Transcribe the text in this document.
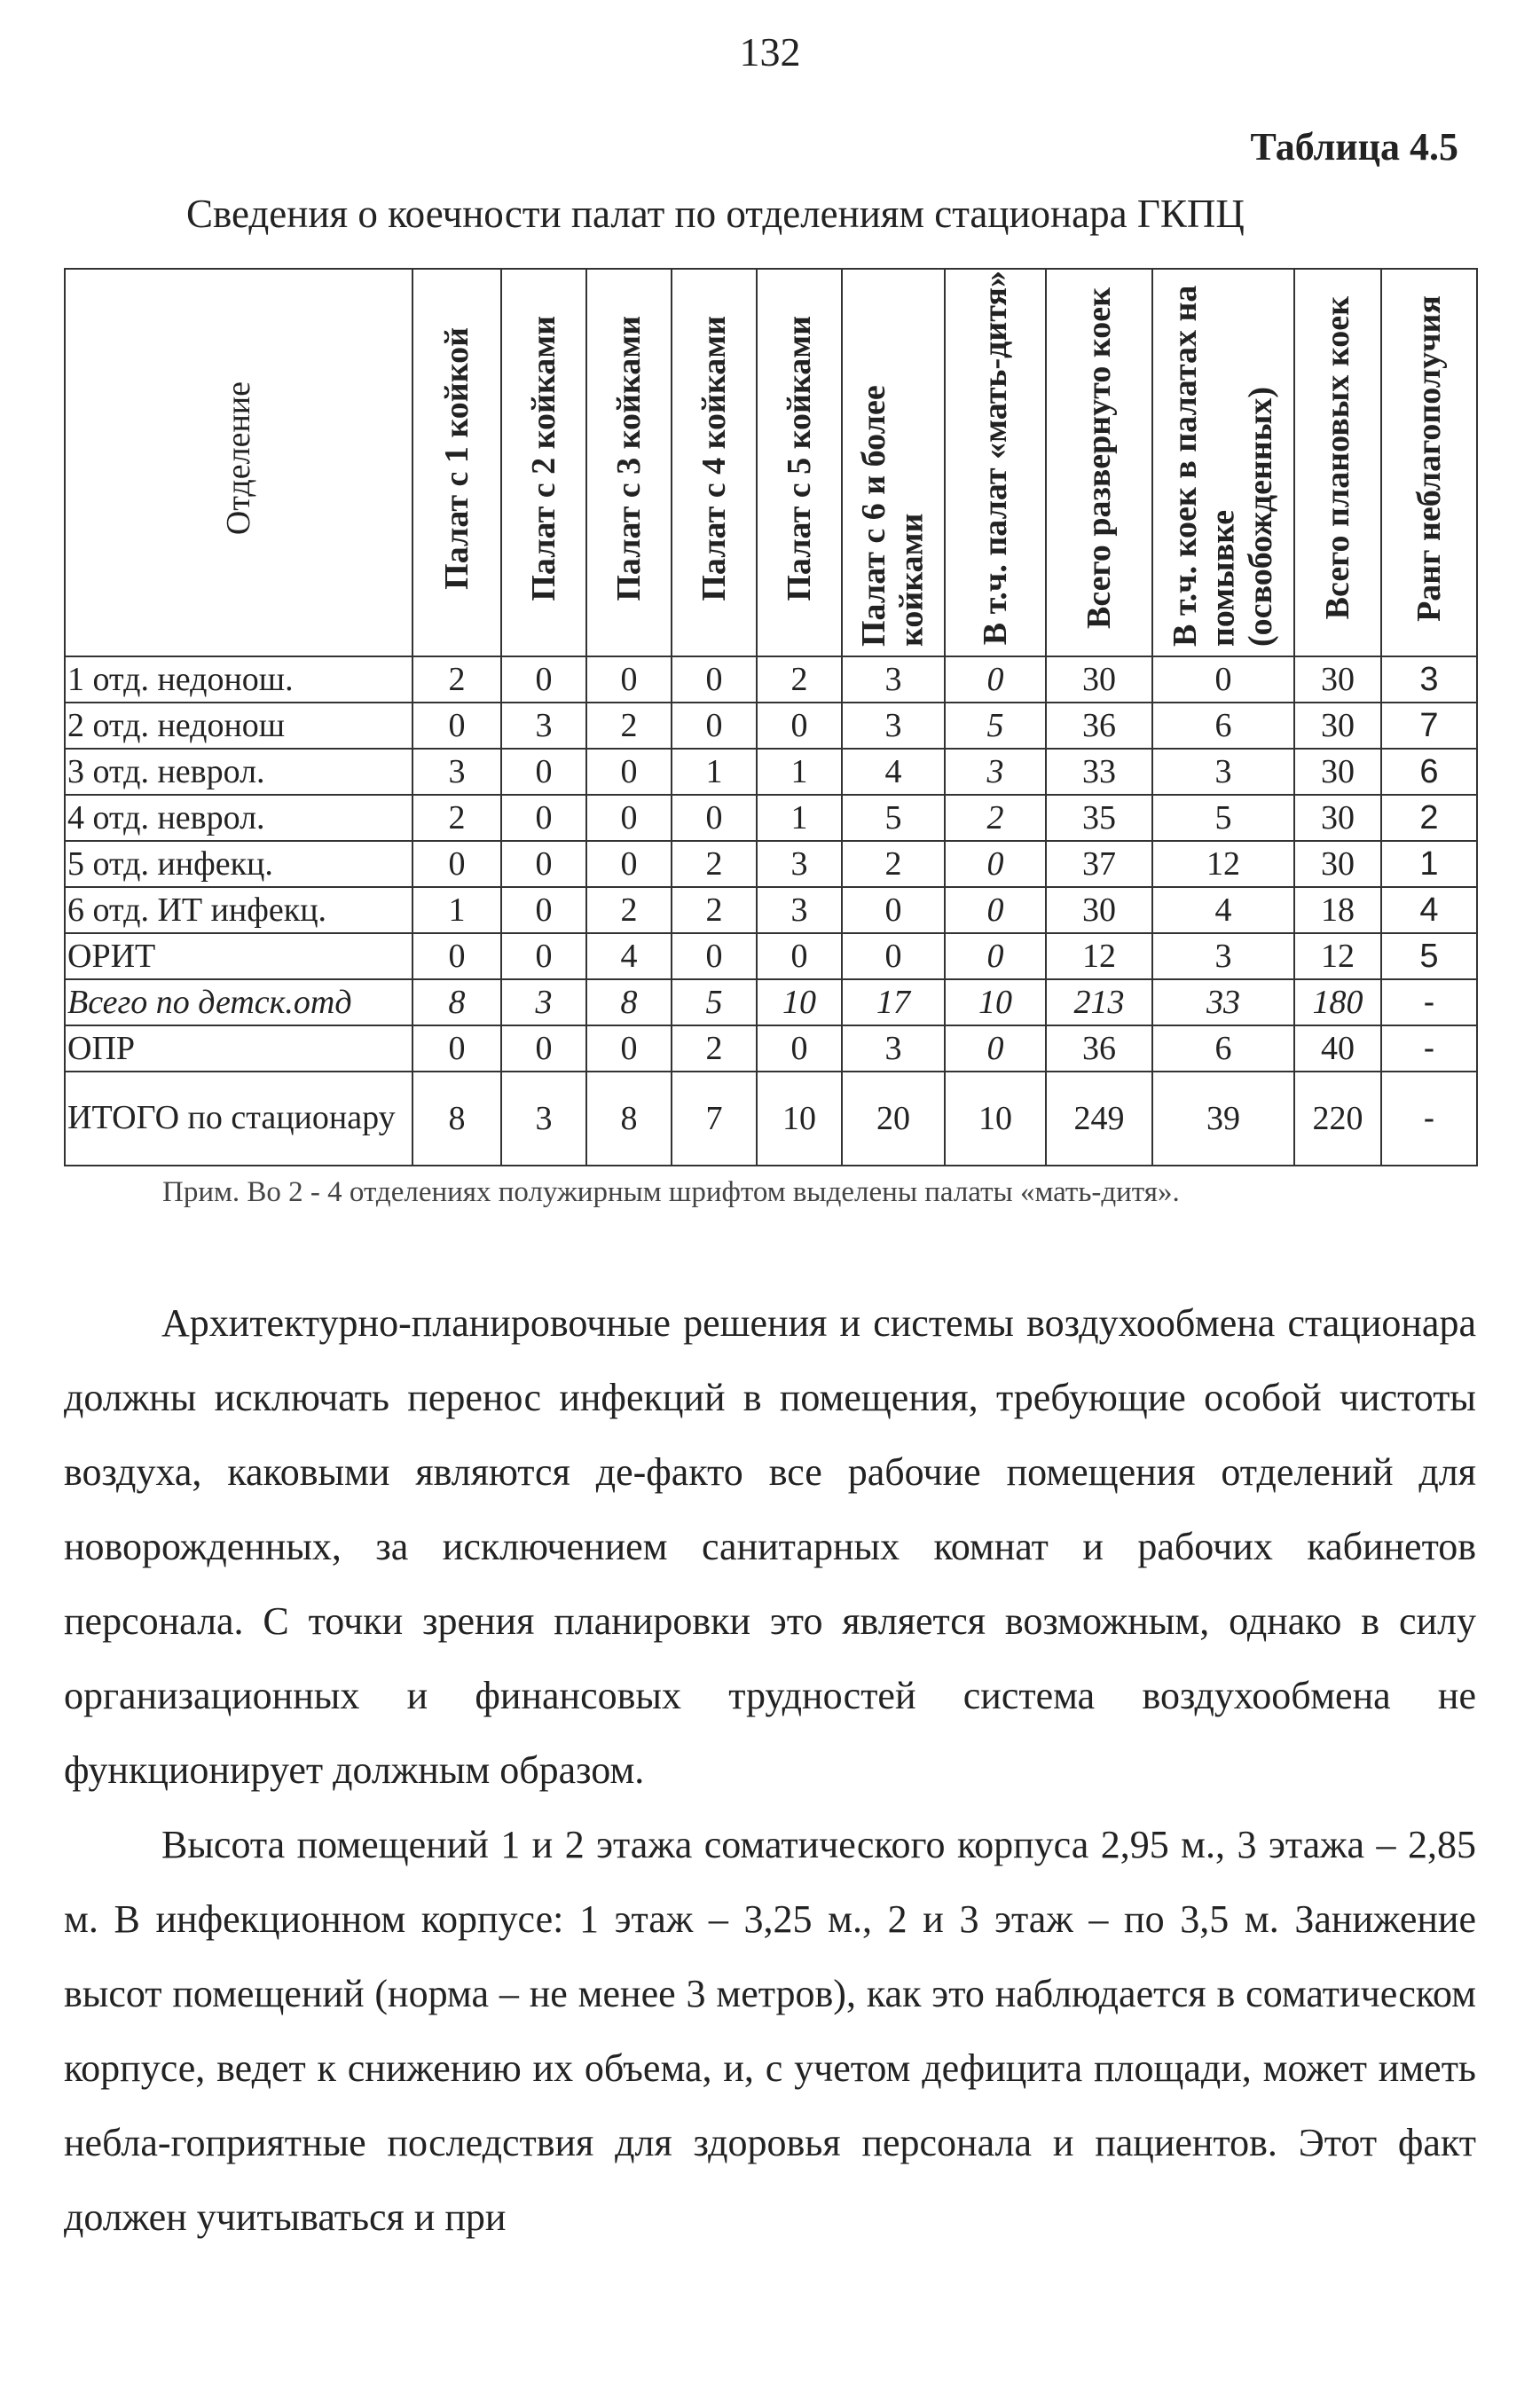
132
Таблица 4.5
Сведения о коечности палат по отделениям стационара ГКПЦ
Отделение	Палат с 1 койкой	Палат с 2 койками	Палат с 3 койками	Палат с 4 койками	Палат с 5 койками	Палат с 6 и более койками	В т.ч. палат «мать-дитя»	Всего развернуто коек	В т.ч. коек в палатах на помывке (освобожденных)	Всего плановых коек	Ранг неблагополучия
1 отд. недонош.	2	0	0	0	2	3	0	30	0	30	3
2 отд. недонош	0	3	2	0	0	3	5	36	6	30	7
3 отд. неврол.	3	0	0	1	1	4	3	33	3	30	6
4 отд. неврол.	2	0	0	0	1	5	2	35	5	30	2
5 отд. инфекц.	0	0	0	2	3	2	0	37	12	30	1
6 отд. ИТ инфекц.	1	0	2	2	3	0	0	30	4	18	4
ОРИТ	0	0	4	0	0	0	0	12	3	12	5
Всего по детск.отд	8	3	8	5	10	17	10	213	33	180	-
ОПР	0	0	0	2	0	3	0	36	6	40	-
ИТОГО по стационару	8	3	8	7	10	20	10	249	39	220	-
Прим. Во 2 - 4 отделениях полужирным шрифтом выделены палаты «мать-дитя».

Архитектурно-планировочные решения и системы воздухообмена стационара должны исключать перенос инфекций в помещения, требующие особой чистоты воздуха, каковыми являются де-факто все рабочие помещения отделений для новорожденных, за исключением санитарных комнат и рабочих кабинетов персонала. С точки зрения планировки это является возможным, однако в силу организационных и финансовых трудностей система воздухообмена не функционирует должным образом.

Высота помещений 1 и 2 этажа соматического корпуса 2,95 м., 3 этажа – 2,85 м. В инфекционном корпусе: 1 этаж – 3,25 м., 2 и 3 этаж – по 3,5 м. Занижение высот помещений (норма – не менее 3 метров), как это наблюдается в соматическом корпусе, ведет к снижению их объема, и, с учетом дефицита площади, может иметь небла-гоприятные последствия для здоровья персонала и пациентов. Этот факт должен учитываться и при
